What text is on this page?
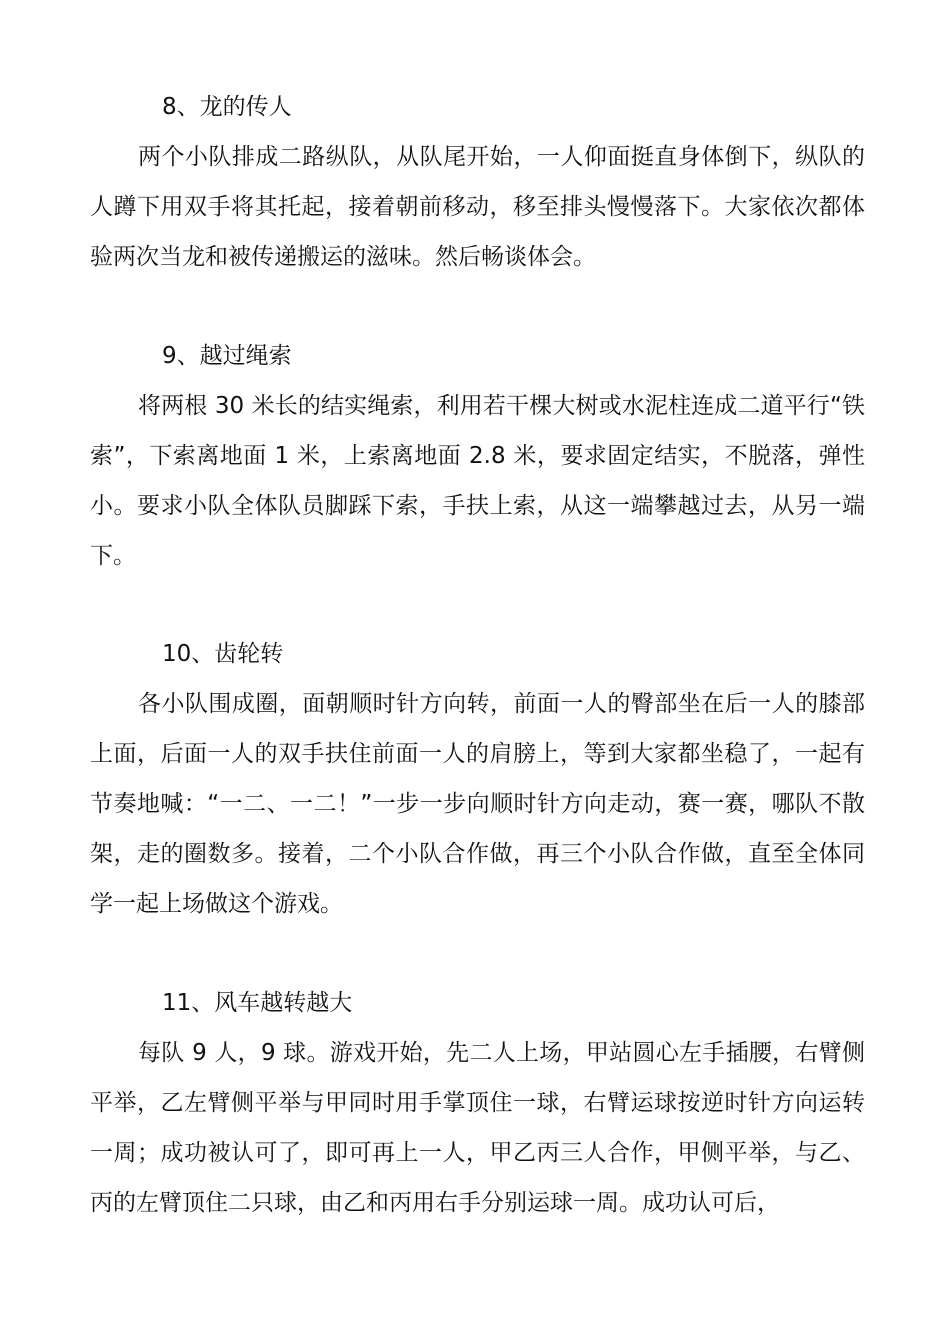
8、龙的传人

两个小队排成二路纵队，从队尾开始，一人仰面挺直身体倒下，纵队的人蹲下用双手将其托起，接着朝前移动，移至排头慢慢落下。大家依次都体验两次当龙和被传递搬运的滋味。然后畅谈体会。

9、越过绳索

将两根 30 米长的结实绳索，利用若干棵大树或水泥柱连成二道平行“铁索”，下索离地面 1 米，上索离地面 2.8 米，要求固定结实，不脱落，弹性小。要求小队全体队员脚踩下索，手扶上索，从这一端攀越过去，从另一端下。

10、齿轮转

各小队围成圈，面朝顺时针方向转，前面一人的臀部坐在后一人的膝部上面，后面一人的双手扶住前面一人的肩膀上，等到大家都坐稳了，一起有节奏地喊：“一二、一二！”一步一步向顺时针方向走动，赛一赛，哪队不散架，走的圈数多。接着，二个小队合作做，再三个小队合作做，直至全体同学一起上场做这个游戏。

11、风车越转越大

每队 9 人，9 球。游戏开始，先二人上场，甲站圆心左手插腰，右臂侧平举，乙左臂侧平举与甲同时用手掌顶住一球，右臂运球按逆时针方向运转一周；成功被认可了，即可再上一人，甲乙丙三人合作，甲侧平举，与乙、丙的左臂顶住二只球，由乙和丙用右手分别运球一周。成功认可后，
